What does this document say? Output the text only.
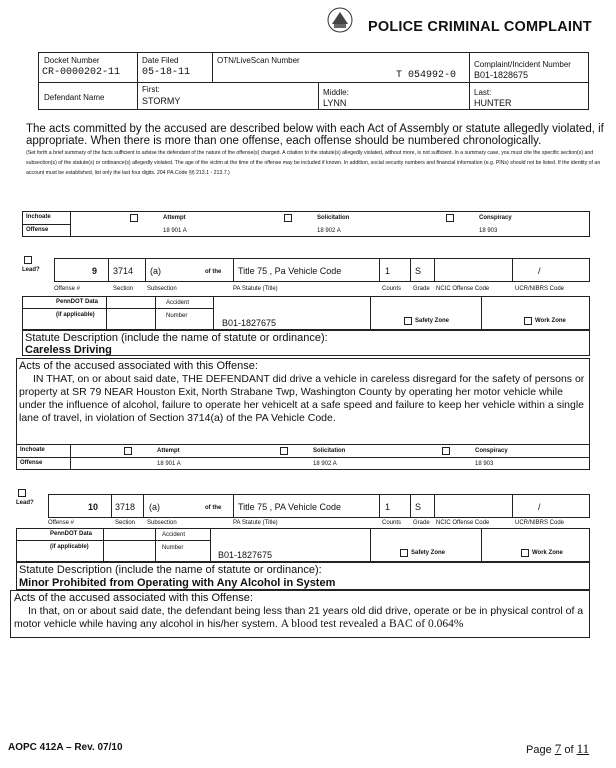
POLICE CRIMINAL COMPLAINT
Docket Number
CR-0000202-11
Date Filed
05-18-11
OTN/LiveScan Number
T 054992-0
Complaint/Incident Number
B01-1828675
Defendant Name
First:
STORMY
Middle:
LYNN
Last:
HUNTER
The acts committed by the accused are described below with each Act of Assembly or statute allegedly violated, if appropriate. When there is more than one offense, each offense should be numbered chronologically.
(Set forth a brief summary of the facts sufficient to advise the defendant of the nature of the offense(s) charged. A citation to the statute(s) allegedly violated, without more, is not sufficient. In a summary case, you must cite the specific section(s) and subsection(s) of the statute(s) or ordinance(s) allegedly violated. The age of the victim at the time of the offense may be included if known. In addition, social security numbers and financial information (e.g. PINs) should not be listed. If the identity of an account must be established, list only the last four digits. 204 PA.Code §§ 213.1 - 213.7.)
Inchoate
Offense
Attempt
18 901 A
Solicitation
18 902 A
Conspiracy
18 903
Lead?	9 3714 (a)	of the Title 75 , Pa Vehicle Code	1	S	/
Offense #	Section Subsection	PA Statute (Title)	Counts Grade NCIC Offense Code	UCR/NIBRS Code
PennDOT Data
(if applicable)
Accident
Number
B01-1827675	Safety Zone	Work Zone
Statute Description (include the name of statute or ordinance):
Careless Driving
Acts of the accused associated with this Offense:
IN THAT, on or about said date, THE DEFENDANT did drive a vehicle in careless disregard for the safety of persons or property at SR 79 NEAR Houston Exit, North Strabane Twp, Washington County by operating her motor vehicle while under the influence of alcohol, failure to operate her vehicelt at a safe speed and failure to keep her vehicle within a single lane of travel, in violation of Section 3714(a) of the PA Vehicle Code.
Inchoate
Offense
Attempt
18 901 A
Solicitation
18 902 A
Conspiracy
18 903
Lead?	10 3718 (a)	of the Title 75 , PA Vehicle Code	1	S	/
Offense #	Section Subsection	PA Statute (Title)	Counts Grade NCIC Offense Code	UCR/NIBRS Code
PennDOT Data
(if applicable)
Accident
Number
B01-1827675	Safety Zone	Work Zone
Statute Description (include the name of statute or ordinance):
Minor Prohibited from Operating with Any Alcohol in System
Acts of the accused associated with this Offense:
In that, on or about said date, the defendant being less than 21 years old did drive, operate or be in physical control of a motor vehicle while having any alcohol in his/her system. A blood test revealed a BAC of 0.064%
AOPC 412A – Rev. 07/10	Page 7 of 11
